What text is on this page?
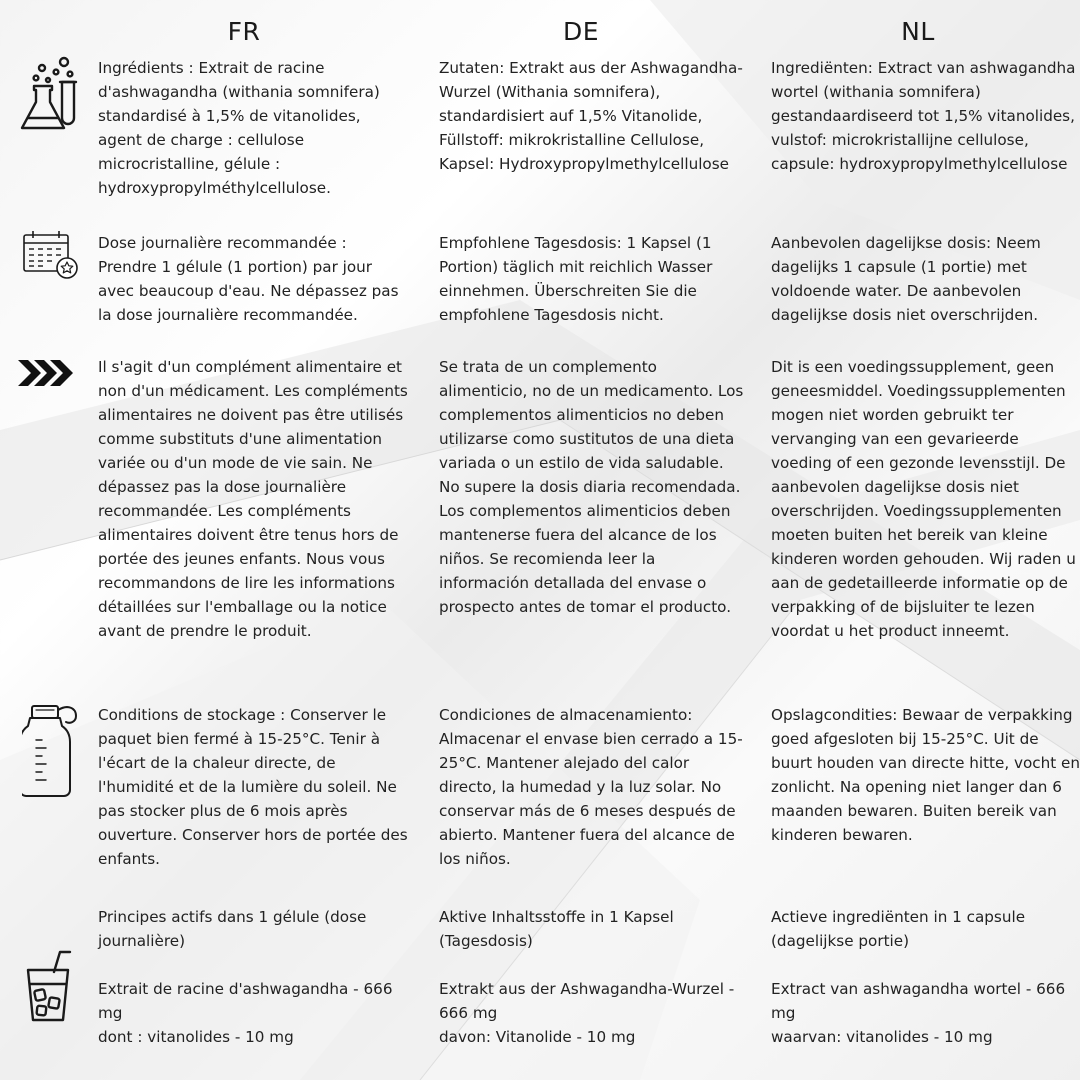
FR	DE	NL

Ingrédients : Extrait de racine d'ashwagandha (withania somnifera) standardisé à 1,5% de vitanolides, agent de charge : cellulose microcristalline, gélule : hydroxypropylméthylcellulose.

Zutaten: Extrakt aus der Ashwagandha-Wurzel (Withania somnifera), standardisiert auf 1,5% Vitanolide, Füllstoff: mikrokristalline Cellulose, Kapsel: Hydroxypropylmethylcellulose

Ingrediënten: Extract van ashwagandha wortel (withania somnifera) gestandaardiseerd tot 1,5% vitanolides, vulstof: microkristallijne cellulose, capsule: hydroxypropylmethylcellulose

Dose journalière recommandée : Prendre 1 gélule (1 portion) par jour avec beaucoup d'eau. Ne dépassez pas la dose journalière recommandée.

Empfohlene Tagesdosis: 1 Kapsel (1 Portion) täglich mit reichlich Wasser einnehmen. Überschreiten Sie die empfohlene Tagesdosis nicht.

Aanbevolen dagelijkse dosis: Neem dagelijks 1 capsule (1 portie) met voldoende water. De aanbevolen dagelijkse dosis niet overschrijden.

Il s'agit d'un complément alimentaire et non d'un médicament. Les compléments alimentaires ne doivent pas être utilisés comme substituts d'une alimentation variée ou d'un mode de vie sain. Ne dépassez pas la dose journalière recommandée. Les compléments alimentaires doivent être tenus hors de portée des jeunes enfants. Nous vous recommandons de lire les informations détaillées sur l'emballage ou la notice avant de prendre le produit.

Se trata de un complemento alimenticio, no de un medicamento. Los complementos alimenticios no deben utilizarse como sustitutos de una dieta variada o un estilo de vida saludable. No supere la dosis diaria recomendada. Los complementos alimenticios deben mantenerse fuera del alcance de los niños. Se recomienda leer la información detallada del envase o prospecto antes de tomar el producto.

Dit is een voedingssupplement, geen geneesmiddel. Voedingssupplementen mogen niet worden gebruikt ter vervanging van een gevarieerde voeding of een gezonde levensstijl. De aanbevolen dagelijkse dosis niet overschrijden. Voedingssupplementen moeten buiten het bereik van kleine kinderen worden gehouden. Wij raden u aan de gedetailleerde informatie op de verpakking of de bijsluiter te lezen voordat u het product inneemt.

Conditions de stockage : Conserver le paquet bien fermé à 15-25°C. Tenir à l'écart de la chaleur directe, de l'humidité et de la lumière du soleil. Ne pas stocker plus de 6 mois après ouverture. Conserver hors de portée des enfants.

Condiciones de almacenamiento: Almacenar el envase bien cerrado a 15-25°C. Mantener alejado del calor directo, la humedad y la luz solar. No conservar más de 6 meses después de abierto. Mantener fuera del alcance de los niños.

Opslagcondities: Bewaar de verpakking goed afgesloten bij 15-25°C. Uit de buurt houden van directe hitte, vocht en zonlicht. Na opening niet langer dan 6 maanden bewaren. Buiten bereik van kinderen bewaren.

Principes actifs dans 1 gélule (dose journalière)

Extrait de racine d'ashwagandha - 666 mg

dont : vitanolides - 10 mg

Aktive Inhaltsstoffe in 1 Kapsel (Tagesdosis)

Extrakt aus der Ashwagandha-Wurzel - 666 mg

davon: Vitanolide - 10 mg

Actieve ingrediënten in 1 capsule (dagelijkse portie)

Extract van ashwagandha wortel - 666 mg

waarvan: vitanolides - 10 mg
